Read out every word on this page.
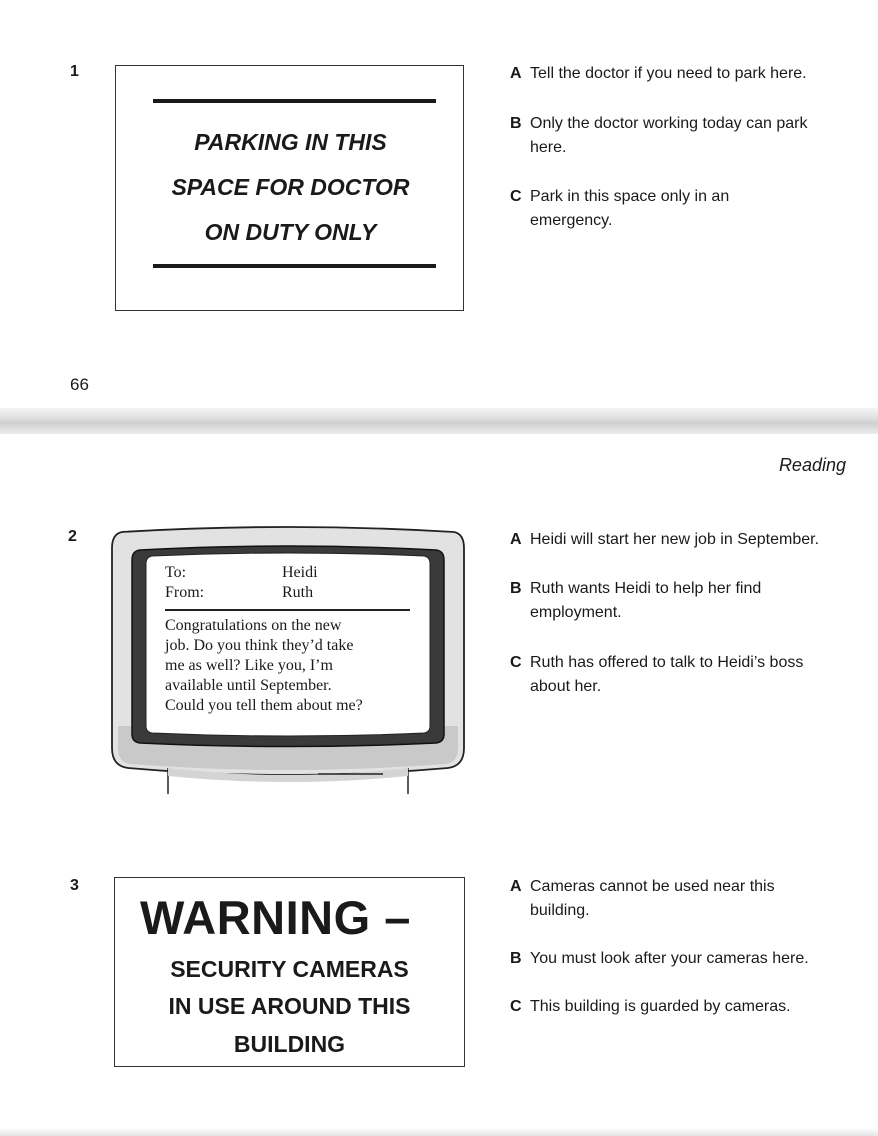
1
PARKING IN THIS
SPACE FOR DOCTOR
ON DUTY ONLY
A Tell the doctor if you need to park here.
B Only the doctor working today can park
here.
C Park in this space only in an
emergency.
66
Reading
2
To:	Heidi
From:	Ruth
Congratulations on the new
job. Do you think they’d take
me as well? Like you, I’m
available until September.
Could you tell them about me?
A Heidi will start her new job in September.
B Ruth wants Heidi to help her find
employment.
C Ruth has offered to talk to Heidi’s boss
about her.
3
WARNING –
SECURITY CAMERAS
IN USE AROUND THIS
BUILDING
A Cameras cannot be used near this
building.
B You must look after your cameras here.
C This building is guarded by cameras.
